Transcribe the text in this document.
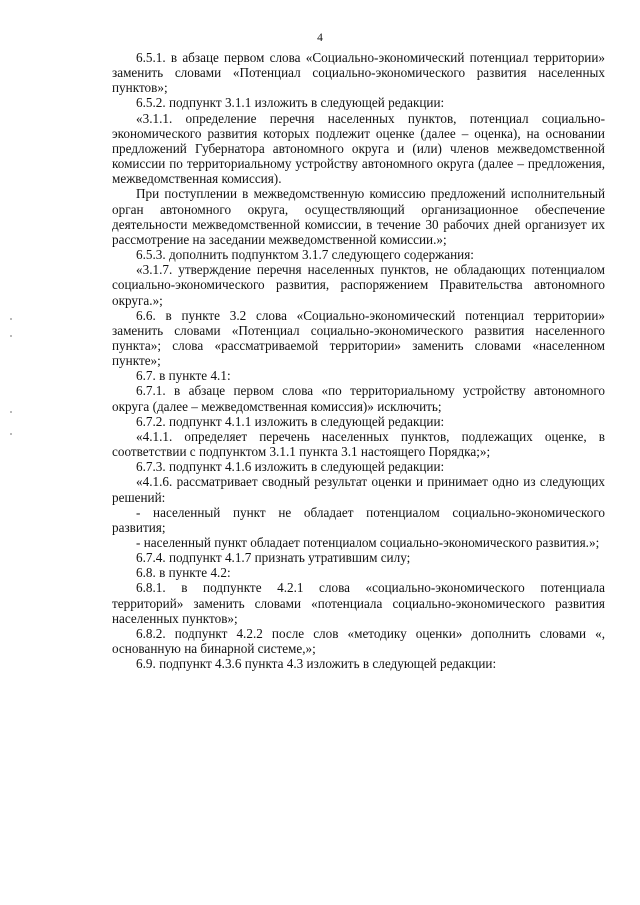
4

6.5.1. в абзаце первом слова «Социально-экономический потенциал территории» заменить словами «Потенциал социально-экономического развития населенных пунктов»;

6.5.2. подпункт 3.1.1 изложить в следующей редакции:

«3.1.1. определение перечня населенных пунктов, потенциал социально-экономического развития которых подлежит оценке (далее – оценка), на основании предложений Губернатора автономного округа и (или) членов межведомственной комиссии по территориальному устройству автономного округа (далее – предложения, межведомственная комиссия).

При поступлении в межведомственную комиссию предложений исполнительный орган автономного округа, осуществляющий организационное обеспечение деятельности межведомственной комиссии, в течение 30 рабочих дней организует их рассмотрение на заседании межведомственной комиссии.»;

6.5.3. дополнить подпунктом 3.1.7 следующего содержания:

«3.1.7. утверждение перечня населенных пунктов, не обладающих потенциалом социально-экономического развития, распоряжением Правительства автономного округа.»;

6.6. в пункте 3.2 слова «Социально-экономический потенциал территории» заменить словами «Потенциал социально-экономического развития населенного пункта»; слова «рассматриваемой территории» заменить словами «населенном пункте»;

6.7. в пункте 4.1:

6.7.1. в абзаце первом слова «по территориальному устройству автономного округа (далее – межведомственная комиссия)» исключить;

6.7.2. подпункт 4.1.1 изложить в следующей редакции:

«4.1.1. определяет перечень населенных пунктов, подлежащих оценке, в соответствии с подпунктом 3.1.1 пункта 3.1 настоящего Порядка;»;

6.7.3. подпункт 4.1.6 изложить в следующей редакции:

«4.1.6. рассматривает сводный результат оценки и принимает одно из следующих решений:

- населенный пункт не обладает потенциалом социально-экономического развития;

- населенный пункт обладает потенциалом социально-экономического развития.»;

6.7.4. подпункт 4.1.7 признать утратившим силу;

6.8. в пункте 4.2:

6.8.1. в подпункте 4.2.1 слова «социально-экономического потенциала территорий» заменить словами «потенциала социально-экономического развития населенных пунктов»;

6.8.2. подпункт 4.2.2 после слов «методику оценки» дополнить словами «, основанную на бинарной системе,»;

6.9. подпункт 4.3.6 пункта 4.3 изложить в следующей редакции:
